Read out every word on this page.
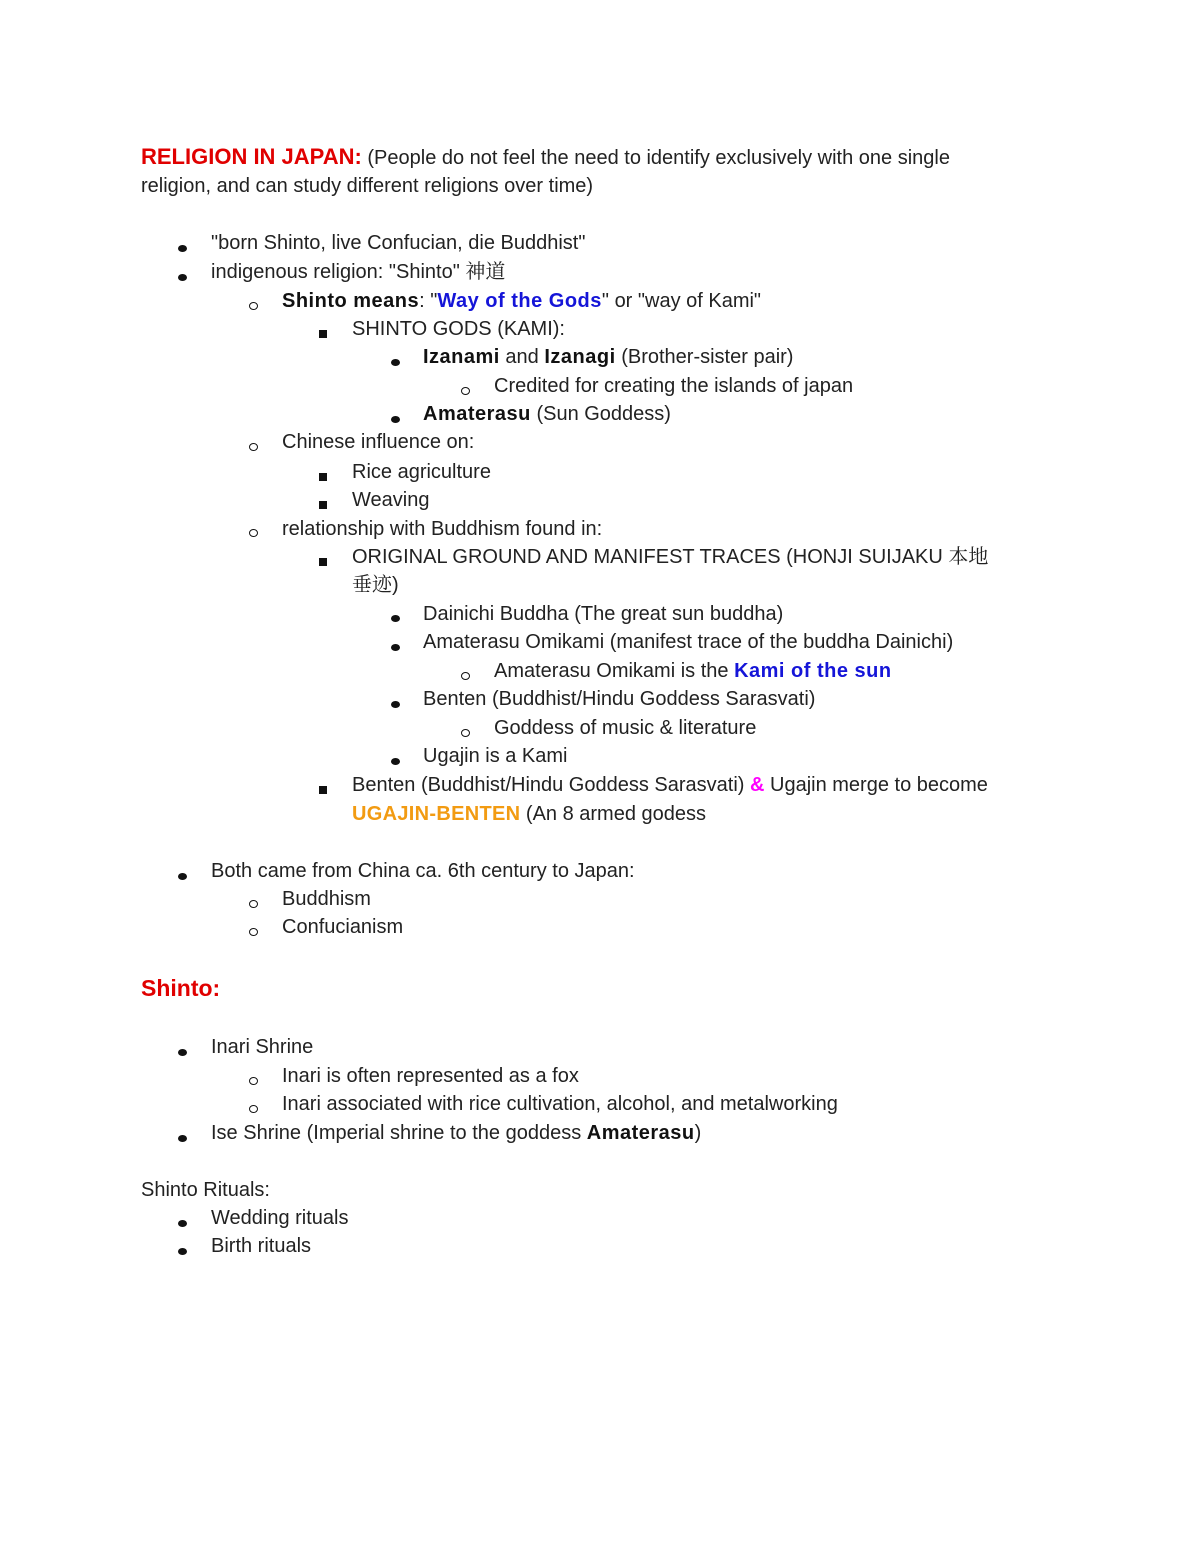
RELIGION IN JAPAN: (People do not feel the need to identify exclusively with one single
religion, and can study different religions over time)
"born Shinto, live Confucian, die Buddhist"
indigenous religion: "Shinto" 神道
Shinto means: "Way of the Gods" or "way of Kami"
SHINTO GODS (KAMI):
Izanami and Izanagi (Brother-sister pair)
Credited for creating the islands of japan
Amaterasu (Sun Goddess)
Chinese influence on:
Rice agriculture
Weaving
relationship with Buddhism found in:
ORIGINAL GROUND AND MANIFEST TRACES (HONJI SUIJAKU 本地
垂迹)
Dainichi Buddha (The great sun buddha)
Amaterasu Omikami (manifest trace of the buddha Dainichi)
Amaterasu Omikami is the Kami of the sun
Benten (Buddhist/Hindu Goddess Sarasvati)
Goddess of music & literature
Ugajin is a Kami
Benten (Buddhist/Hindu Goddess Sarasvati) & Ugajin merge to become
UGAJIN-BENTEN (An 8 armed godess
Both came from China ca. 6th century to Japan:
Buddhism
Confucianism
Shinto:
Inari Shrine
Inari is often represented as a fox
Inari associated with rice cultivation, alcohol, and metalworking
Ise Shrine (Imperial shrine to the goddess Amaterasu)
Shinto Rituals:
Wedding rituals
Birth rituals
